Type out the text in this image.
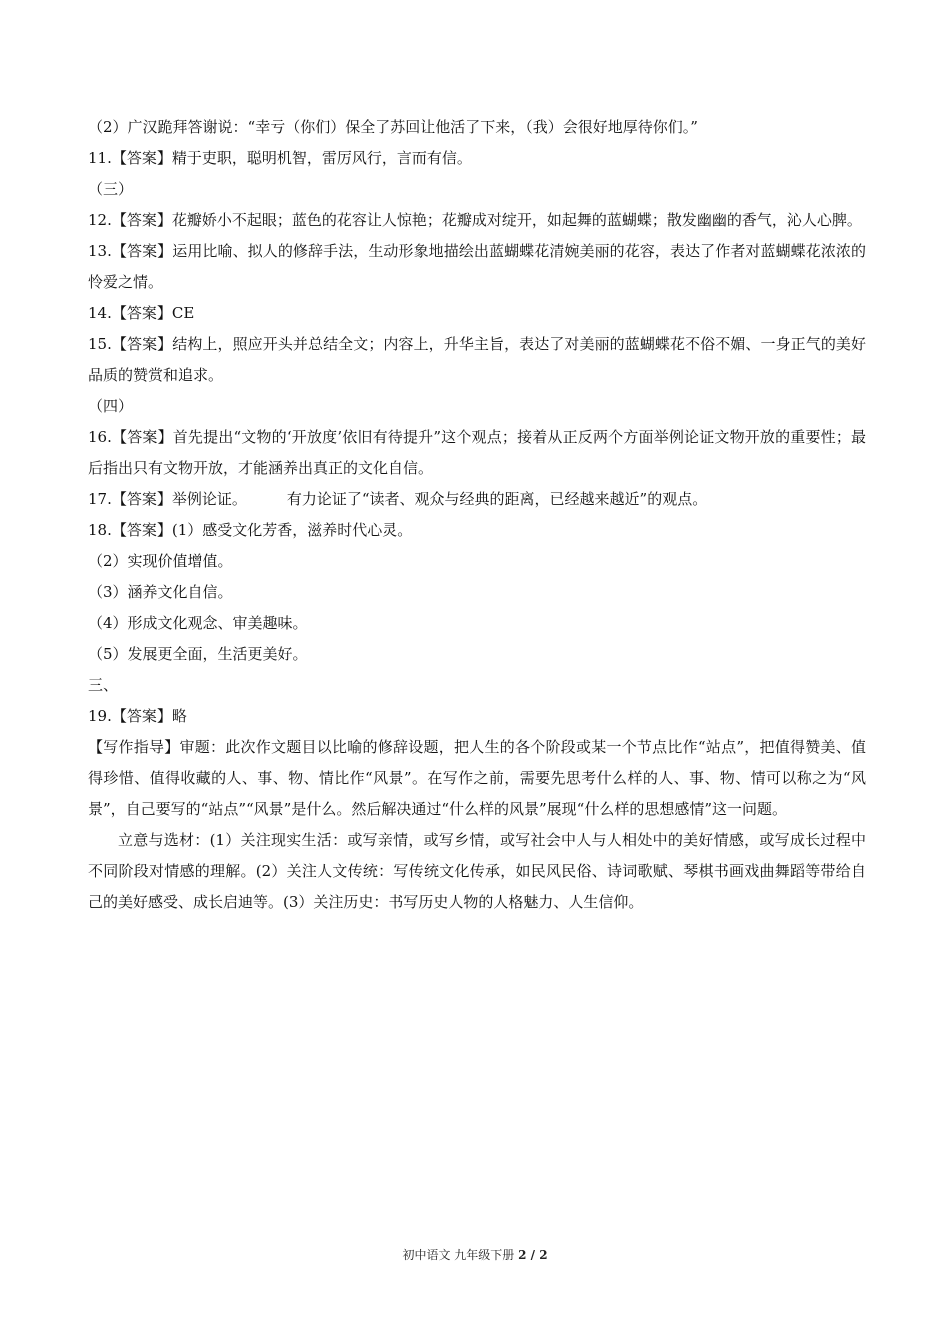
（2）广汉跪拜答谢说：“幸亏（你们）保全了苏回让他活了下来，（我）会很好地厚待你们。”

11.【答案】精于吏职，聪明机智，雷厉风行，言而有信。

（三）

12.【答案】花瓣娇小不起眼；蓝色的花容让人惊艳；花瓣成对绽开，如起舞的蓝蝴蝶；散发幽幽的香气，沁人心脾。

13.【答案】运用比喻、拟人的修辞手法，生动形象地描绘出蓝蝴蝶花清婉美丽的花容，表达了作者对蓝蝴蝶花浓浓的怜爱之情。

14.【答案】CE

15.【答案】结构上，照应开头并总结全文；内容上，升华主旨，表达了对美丽的蓝蝴蝶花不俗不媚、一身正气的美好品质的赞赏和追求。

（四）

16.【答案】首先提出“文物的‘开放度’依旧有待提升”这个观点；接着从正反两个方面举例论证文物开放的重要性；最后指出只有文物开放，才能涵养出真正的文化自信。

17.【答案】举例论证。	有力论证了“读者、观众与经典的距离，已经越来越近”的观点。

18.【答案】(1）感受文化芳香，滋养时代心灵。

（2）实现价值增值。

（3）涵养文化自信。

（4）形成文化观念、审美趣味。

（5）发展更全面，生活更美好。

三、

19.【答案】略

【写作指导】审题：此次作文题目以比喻的修辞设题，把人生的各个阶段或某一个节点比作“站点”，把值得赞美、值得珍惜、值得收藏的人、事、物、情比作“风景”。在写作之前，需要先思考什么样的人、事、物、情可以称之为“风景”，自己要写的“站点”“风景”是什么。然后解决通过“什么样的风景”展现“什么样的思想感情”这一问题。

立意与选材：(1）关注现实生活：或写亲情，或写乡情，或写社会中人与人相处中的美好情感，或写成长过程中不同阶段对情感的理解。(2）关注人文传统：写传统文化传承，如民风民俗、诗词歌赋、琴棋书画戏曲舞蹈等带给自己的美好感受、成长启迪等。(3）关注历史：书写历史人物的人格魅力、人生信仰。

初中语文 九年级下册 2 / 2
